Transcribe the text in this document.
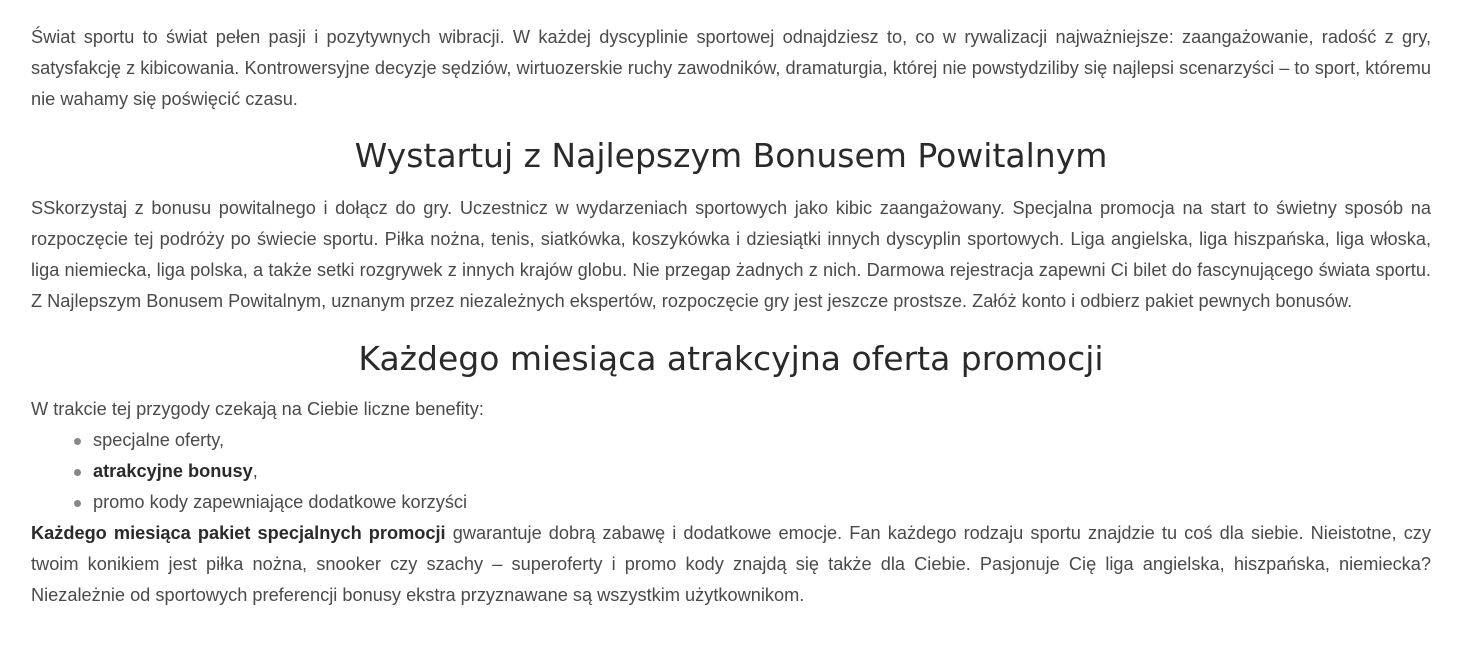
Świat sportu to świat pełen pasji i pozytywnych wibracji. W każdej dyscyplinie sportowej odnajdziesz to, co w rywalizacji najważniejsze: zaangażowanie, radość z gry, satysfakcję z kibicowania. Kontrowersyjne decyzje sędziów, wirtuozerskie ruchy zawodników, dramaturgia, której nie powstydziliby się najlepsi scenarzyści – to sport, któremu nie wahamy się poświęcić czasu.

Wystartuj z Najlepszym Bonusem Powitalnym

SSkorzystaj z bonusu powitalnego i dołącz do gry. Uczestnicz w wydarzeniach sportowych jako kibic zaangażowany. Specjalna promocja na start to świetny sposób na rozpoczęcie tej podróży po świecie sportu. Piłka nożna, tenis, siatkówka, koszykówka i dziesiątki innych dyscyplin sportowych. Liga angielska, liga hiszpańska, liga włoska, liga niemiecka, liga polska, a także setki rozgrywek z innych krajów globu. Nie przegap żadnych z nich. Darmowa rejestracja zapewni Ci bilet do fascynującego świata sportu. Z Najlepszym Bonusem Powitalnym, uznanym przez niezależnych ekspertów, rozpoczęcie gry jest jeszcze prostsze. Załóż konto i odbierz pakiet pewnych bonusów.

Każdego miesiąca atrakcyjna oferta promocji

W trakcie tej przygody czekają na Ciebie liczne benefity:

specjalne oferty,
atrakcyjne bonusy,
promo kody zapewniające dodatkowe korzyści

Każdego miesiąca pakiet specjalnych promocji gwarantuje dobrą zabawę i dodatkowe emocje. Fan każdego rodzaju sportu znajdzie tu coś dla siebie. Nieistotne, czy twoim konikiem jest piłka nożna, snooker czy szachy – superoferty i promo kody znajdą się także dla Ciebie. Pasjonuje Cię liga angielska, hiszpańska, niemiecka? Niezależnie od sportowych preferencji bonusy ekstra przyznawane są wszystkim użytkownikom.
